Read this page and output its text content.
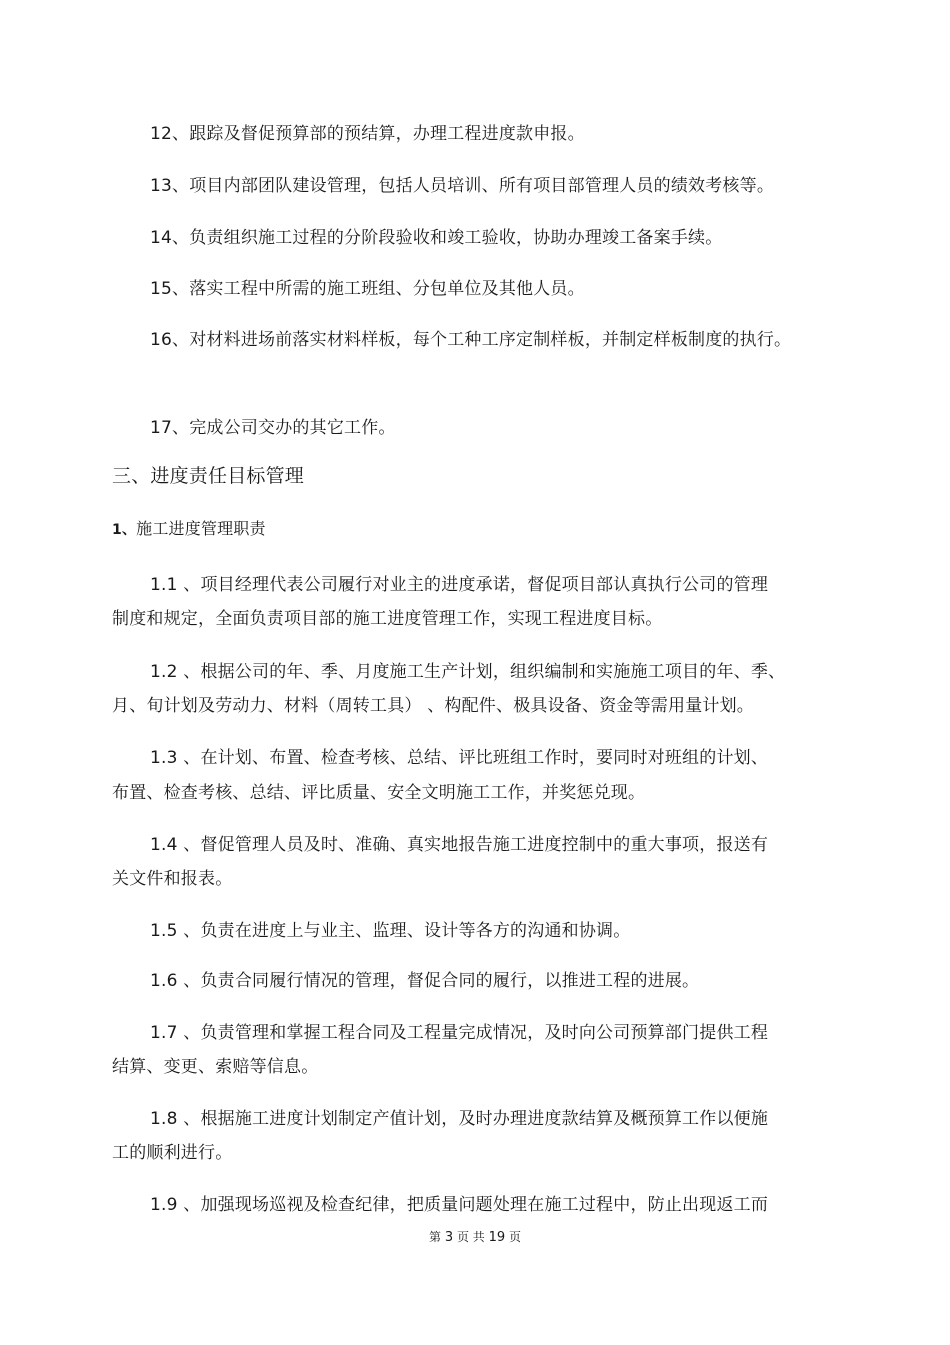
12、跟踪及督促预算部的预结算，办理工程进度款申报。
13、项目内部团队建设管理，包括人员培训、所有项目部管理人员的绩效考核等。
14、负责组织施工过程的分阶段验收和竣工验收，协助办理竣工备案手续。
15、落实工程中所需的施工班组、分包单位及其他人员。
16、对材料进场前落实材料样板，每个工种工序定制样板，并制定样板制度的执行。
17、完成公司交办的其它工作。
三、进度责任目标管理
1、施工进度管理职责
1.1 、项目经理代表公司履行对业主的进度承诺，督促项目部认真执行公司的管理
制度和规定，全面负责项目部的施工进度管理工作，实现工程进度目标。
1.2 、根据公司的年、季、月度施工生产计划，组织编制和实施施工项目的年、季、
月、旬计划及劳动力、材料（周转工具） 、构配件、极具设备、资金等需用量计划。
1.3 、在计划、布置、检查考核、总结、评比班组工作时，要同时对班组的计划、
布置、检查考核、总结、评比质量、安全文明施工工作，并奖惩兑现。
1.4 、督促管理人员及时、准确、真实地报告施工进度控制中的重大事项，报送有
关文件和报表。
1.5 、负责在进度上与业主、监理、设计等各方的沟通和协调。
1.6 、负责合同履行情况的管理，督促合同的履行，以推进工程的进展。
1.7 、负责管理和掌握工程合同及工程量完成情况，及时向公司预算部门提供工程
结算、变更、索赔等信息。
1.8 、根据施工进度计划制定产值计划，及时办理进度款结算及概预算工作以便施
工的顺利进行。
1.9 、加强现场巡视及检查纪律，把质量问题处理在施工过程中，防止出现返工而
第 3 页 共 19 页
